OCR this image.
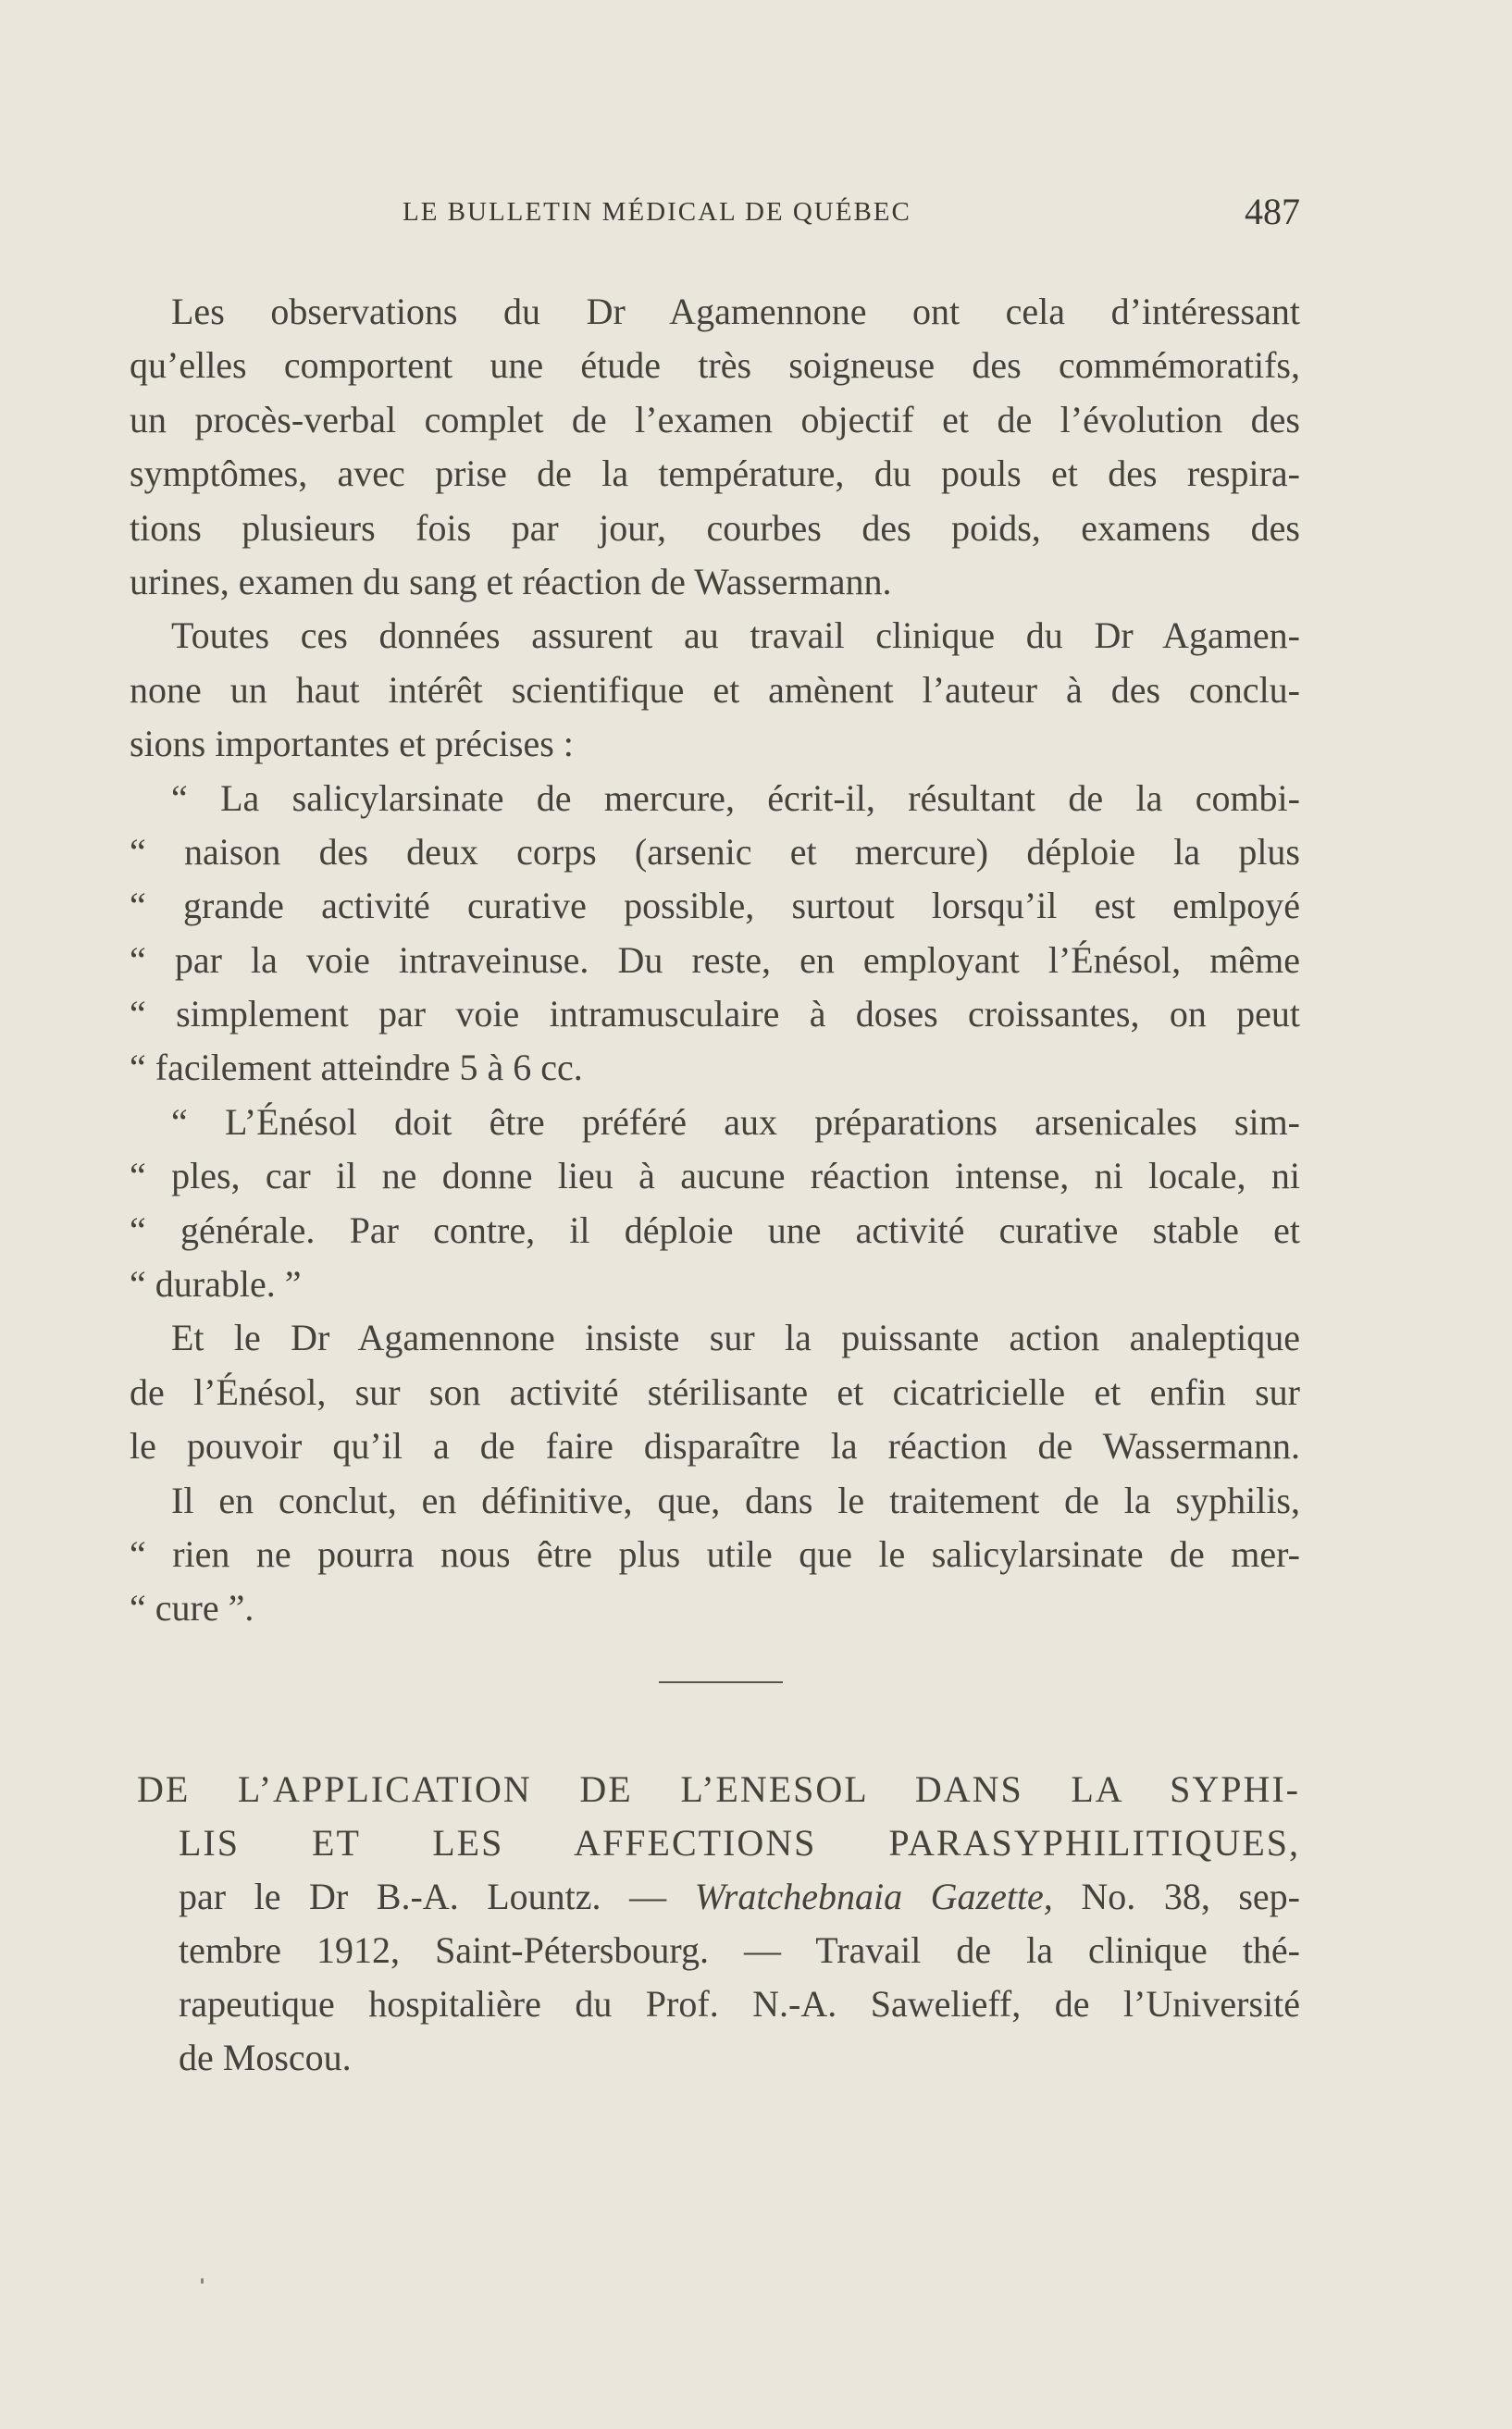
LE BULLETIN MÉDICAL DE QUÉBEC	487
Les observations du Dr Agamennone ont cela d’intéressant
qu’elles comportent une étude très soigneuse des commémoratifs,
un procès-verbal complet de l’examen objectif et de l’évolution des
symptômes, avec prise de la température, du pouls et des respira-
tions plusieurs fois par jour, courbes des poids, examens des
urines, examen du sang et réaction de Wassermann.
Toutes ces données assurent au travail clinique du Dr Agamen-
none un haut intérêt scientifique et amènent l’auteur à des conclu-
sions importantes et précises :
“ La salicylarsinate de mercure, écrit-il, résultant de la combi-
“ naison des deux corps (arsenic et mercure) déploie la plus
“ grande activité curative possible, surtout lorsqu’il est emlpoyé
“ par la voie intraveinuse. Du reste, en employant l’Énésol, même
“ simplement par voie intramusculaire à doses croissantes, on peut
“ facilement atteindre 5 à 6 cc.
“ L’Énésol doit être préféré aux préparations arsenicales sim-
“ ples, car il ne donne lieu à aucune réaction intense, ni locale, ni
“ générale. Par contre, il déploie une activité curative stable et
“ durable. ”
Et le Dr Agamennone insiste sur la puissante action analeptique
de l’Énésol, sur son activité stérilisante et cicatricielle et enfin sur
le pouvoir qu’il a de faire disparaître la réaction de Wassermann.
Il en conclut, en définitive, que, dans le traitement de la syphilis,
“ rien ne pourra nous être plus utile que le salicylarsinate de mer-
“ cure ”.
DE L’APPLICATION DE L’ENESOL DANS LA SYPHI-
LIS ET LES AFFECTIONS PARASYPHILITIQUES,
par le Dr B.-A. Lountz. — Wratchebnaia Gazette, No. 38, sep-
tembre 1912, Saint-Pétersbourg. — Travail de la clinique thé-
rapeutique hospitalière du Prof. N.-A. Sawelieff, de l’Université
de Moscou.
